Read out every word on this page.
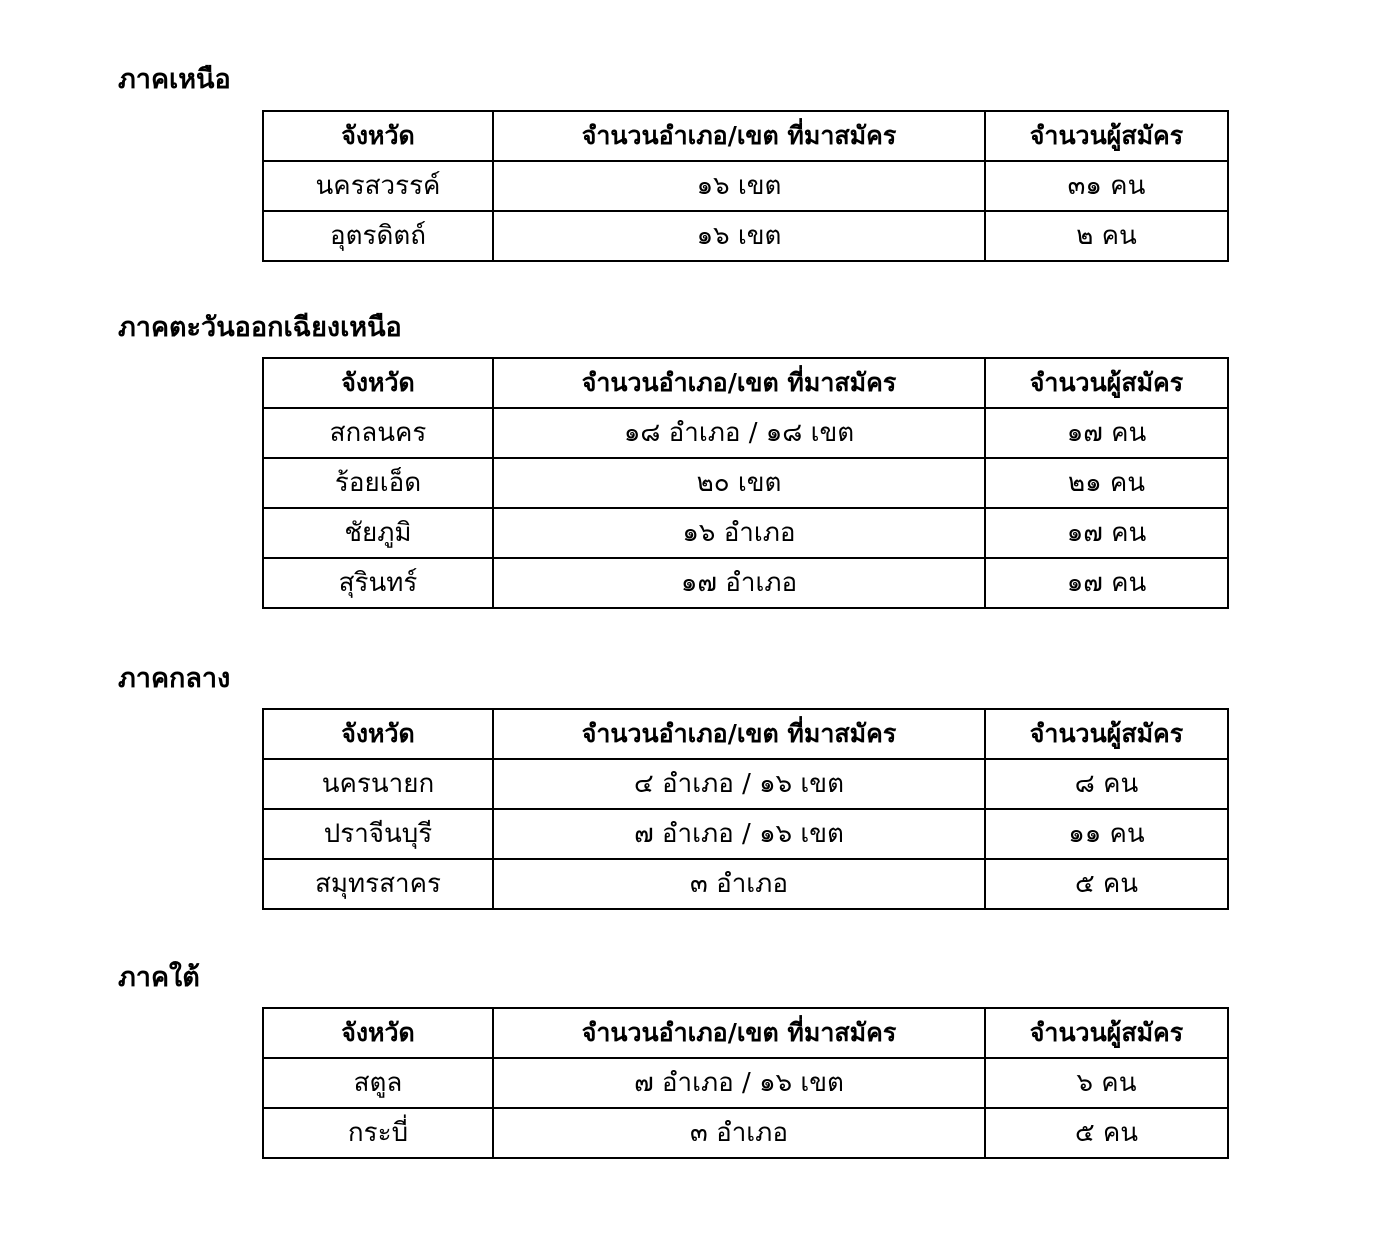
ภาคเหนือ
จังหวัด	จำนวนอำเภอ/เขต ที่มาสมัคร	จำนวนผู้สมัคร
นครสวรรค์	๑๖ เขต	๓๑ คน
อุตรดิตถ์	๑๖ เขต	๒ คน
ภาคตะวันออกเฉียงเหนือ
จังหวัด	จำนวนอำเภอ/เขต ที่มาสมัคร	จำนวนผู้สมัคร
สกลนคร	๑๘ อำเภอ / ๑๘ เขต	๑๗ คน
ร้อยเอ็ด	๒๐ เขต	๒๑ คน
ชัยภูมิ	๑๖ อำเภอ	๑๗ คน
สุรินทร์	๑๗ อำเภอ	๑๗ คน
ภาคกลาง
จังหวัด	จำนวนอำเภอ/เขต ที่มาสมัคร	จำนวนผู้สมัคร
นครนายก	๔ อำเภอ / ๑๖ เขต	๘ คน
ปราจีนบุรี	๗ อำเภอ / ๑๖ เขต	๑๑ คน
สมุทรสาคร	๓ อำเภอ	๕ คน
ภาคใต้
จังหวัด	จำนวนอำเภอ/เขต ที่มาสมัคร	จำนวนผู้สมัคร
สตูล	๗ อำเภอ / ๑๖ เขต	๖ คน
กระบี่	๓ อำเภอ	๕ คน
